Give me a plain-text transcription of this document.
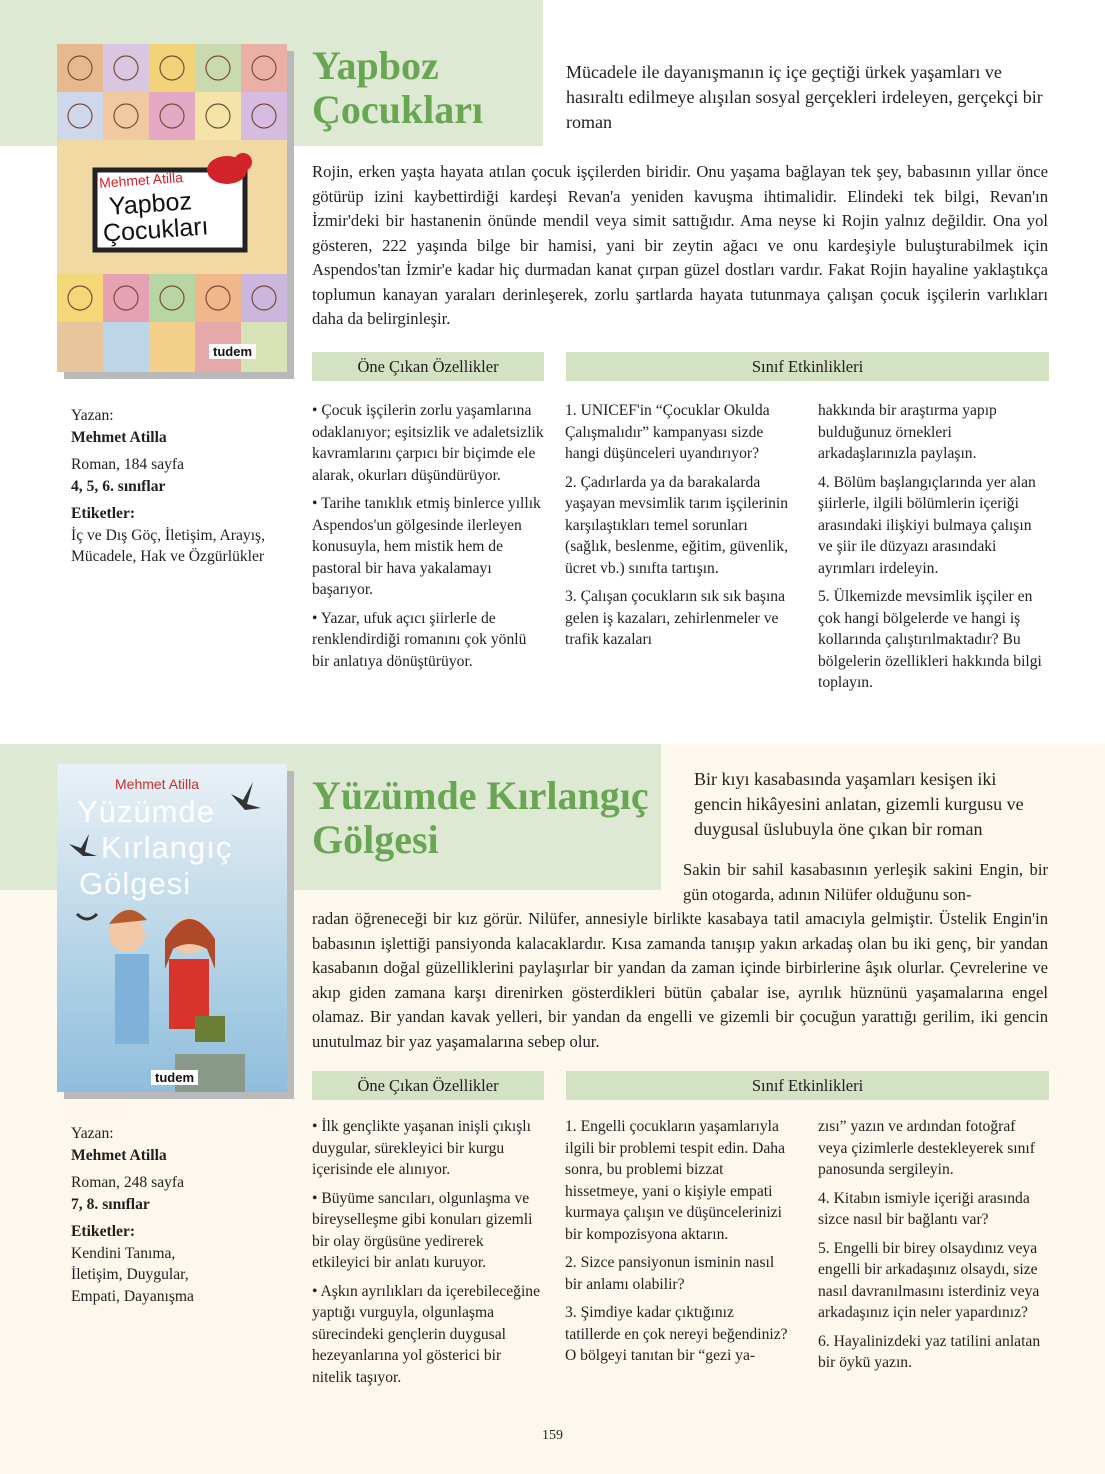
Mehmet Atilla
Yapboz
Çocukları
tudem
Yapboz
Çocukları
Mücadele ile dayanışmanın iç içe geçtiği ürkek yaşamları ve hasıraltı edilmeye alışılan sosyal gerçekleri irdeleyen, gerçekçi bir roman
Rojin, erken yaşta hayata atılan çocuk işçilerden biridir. Onu yaşama bağlayan tek şey, babasının yıllar önce götürüp izini kaybettirdiği kardeşi Revan'a yeniden kavuşma ihtimalidir. Elindeki tek bilgi, Revan'ın İzmir'deki bir hastanenin önünde mendil veya simit sattığıdır. Ama neyse ki Rojin yalnız değildir. Ona yol gösteren, 222 yaşında bilge bir hamisi, yani bir zeytin ağacı ve onu kardeşiyle buluşturabilmek için Aspendos'tan İzmir'e kadar hiç durmadan kanat çırpan güzel dostları vardır. Fakat Rojin hayaline yaklaştıkça toplumun kanayan yaraları derinleşerek, zorlu şartlarda hayata tutunmaya çalışan çocuk işçilerin varlıkları daha da belirginleşir.
Öne Çıkan Özellikler	Sınıf Etkinlikleri
Yazan:
Mehmet Atilla
Roman, 184 sayfa
4, 5, 6. sınıflar
Etiketler:
İç ve Dış Göç, İletişim, Arayış, Mücadele, Hak ve Özgürlükler

• Çocuk işçilerin zorlu yaşamlarına odaklanıyor; eşitsizlik ve adaletsizlik kavramlarını çarpıcı bir biçimde ele alarak, okurları düşündürüyor.

• Tarihe tanıklık etmiş binlerce yıllık Aspendos'un gölgesinde ilerleyen konusuyla, hem mistik hem de pastoral bir hava yakalamayı başarıyor.

• Yazar, ufuk açıcı şiirlerle de renklendirdiği romanını çok yönlü bir anlatıya dönüştürüyor.

1. UNICEF'in “Çocuklar Okulda Çalışmalıdır” kampanyası sizde hangi düşünceleri uyandırıyor?

2. Çadırlarda ya da barakalarda yaşayan mevsimlik tarım işçilerinin karşılaştıkları temel sorunları (sağlık, beslenme, eğitim, güvenlik, ücret vb.) sınıfta tartışın.

3. Çalışan çocukların sık sık başına gelen iş kazaları, zehirlenmeler ve trafik kazaları

hakkında bir araştırma yapıp bulduğunuz örnekleri arkadaşlarınızla paylaşın.

4. Bölüm başlangıçlarında yer alan şiirlerle, ilgili bölümlerin içeriği arasındaki ilişkiyi bulmaya çalışın ve şiir ile düzyazı arasındaki ayrımları irdeleyin.

5. Ülkemizde mevsimlik işçiler en çok hangi bölgelerde ve hangi iş kollarında çalıştırılmaktadır? Bu bölgelerin özellikleri hakkında bilgi toplayın.

Mehmet Atilla
Yüzümde
Kırlangıç
Gölgesi
tudem
Yüzümde Kırlangıç
Gölgesi
Bir kıyı kasabasında yaşamları kesişen iki gencin hikâyesini anlatan, gizemli kurgusu ve duygusal üslubuyla öne çıkan bir roman
Sakin bir sahil kasabasının yerleşik sakini Engin, bir gün otogarda, adının Nilüfer olduğunu son-
radan öğreneceği bir kız görür. Nilüfer, annesiyle birlikte kasabaya tatil amacıyla gelmiştir. Üstelik Engin'in babasının işlettiği pansiyonda kalacaklardır. Kısa zamanda tanışıp yakın arkadaş olan bu iki genç, bir yandan kasabanın doğal güzelliklerini paylaşırlar bir yandan da zaman içinde birbirlerine âşık olurlar. Çevrelerine ve akıp giden zamana karşı direnirken gösterdikleri bütün çabalar ise, ayrılık hüznünü yaşamalarına engel olamaz. Bir yandan kavak yelleri, bir yandan da engelli ve gizemli bir çocuğun yarattığı gerilim, iki gencin unutulmaz bir yaz yaşamalarına sebep olur.
Öne Çıkan Özellikler	Sınıf Etkinlikleri
Yazan:
Mehmet Atilla
Roman, 248 sayfa
7, 8. sınıflar
Etiketler:
Kendini Tanıma, İletişim, Duygular, Empati, Dayanışma

• İlk gençlikte yaşanan inişli çıkışlı duygular, sürekleyici bir kurgu içerisinde ele alınıyor.

• Büyüme sancıları, olgunlaşma ve bireyselleşme gibi konuları gizemli bir olay örgüsüne yedirerek etkileyici bir anlatı kuruyor.

• Aşkın ayrılıkları da içerebileceğine yaptığı vurguyla, olgunlaşma sürecindeki gençlerin duygusal hezeyanlarına yol gösterici bir nitelik taşıyor.

1. Engelli çocukların yaşamlarıyla ilgili bir problemi tespit edin. Daha sonra, bu problemi bizzat hissetmeye, yani o kişiyle empati kurmaya çalışın ve düşüncelerinizi bir kompozisyona aktarın.

2. Sizce pansiyonun isminin nasıl bir anlamı olabilir?

3. Şimdiye kadar çıktığınız tatillerde en çok nereyi beğendiniz? O bölgeyi tanıtan bir “gezi ya-

zısı” yazın ve ardından fotoğraf veya çizimlerle destekleyerek sınıf panosunda sergileyin.

4. Kitabın ismiyle içeriği arasında sizce nasıl bir bağlantı var?

5. Engelli bir birey olsaydınız veya engelli bir arkadaşınız olsaydı, size nasıl davranılmasını isterdiniz veya arkadaşınız için neler yapardınız?

6. Hayalinizdeki yaz tatilini anlatan bir öykü yazın.

159
